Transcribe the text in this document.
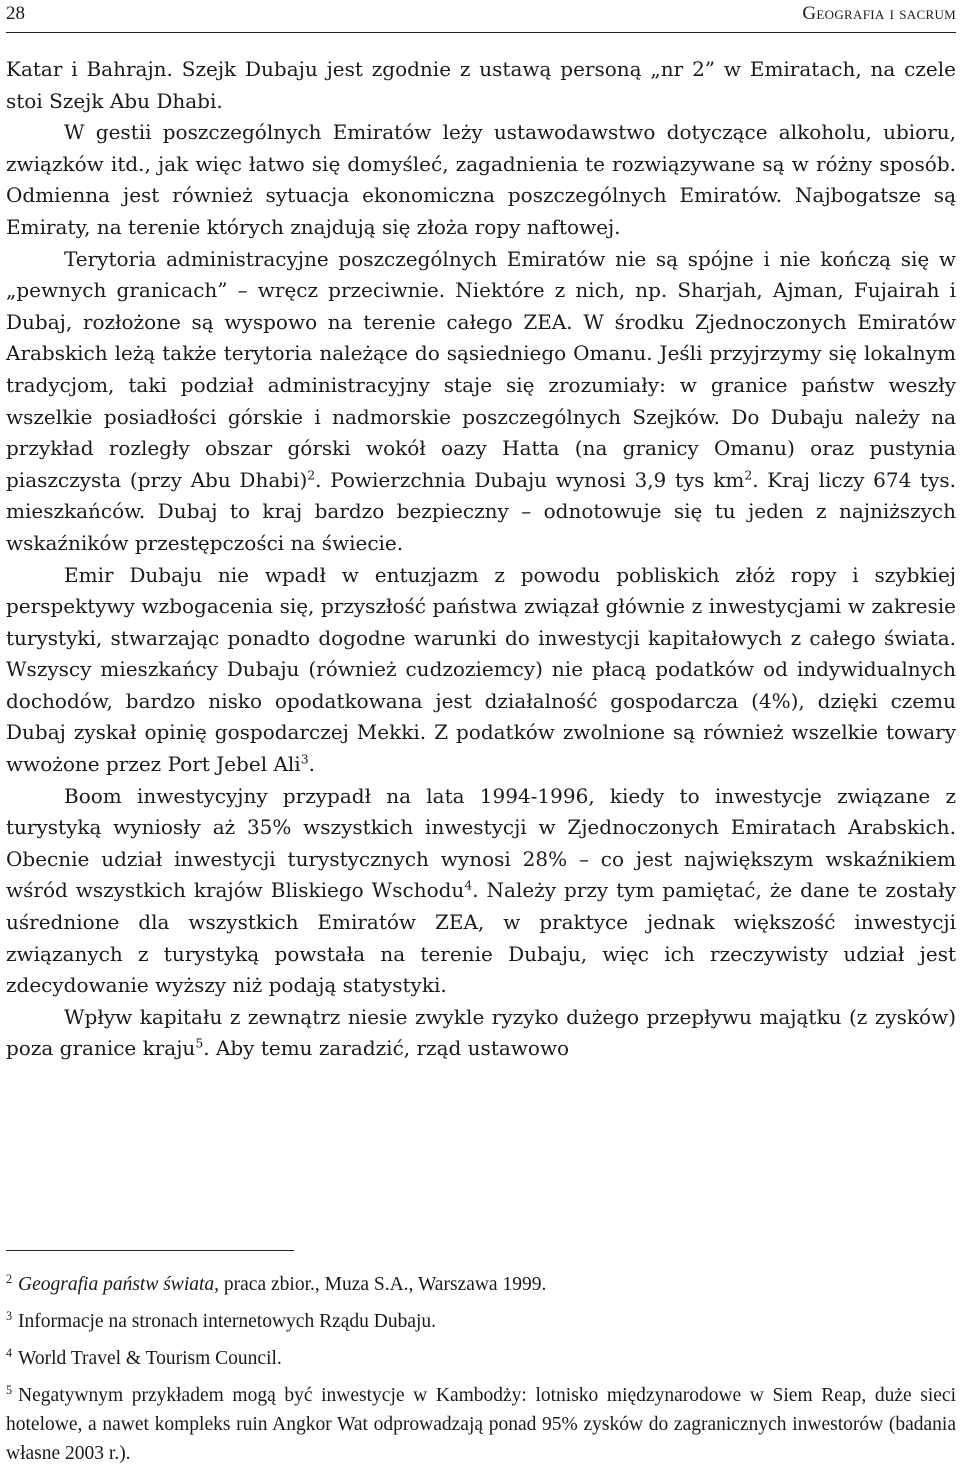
28	Geografia i sacrum

Katar i Bahrajn. Szejk Dubaju jest zgodnie z ustawą personą „nr 2” w Emiratach, na czele stoi Szejk Abu Dhabi.

W gestii poszczególnych Emiratów leży ustawodawstwo dotyczące alkoholu, ubioru, związków itd., jak więc łatwo się domyśleć, zagadnienia te rozwiązywane są w różny sposób. Odmienna jest również sytuacja ekonomiczna poszczególnych Emiratów. Najbogatsze są Emiraty, na terenie których znajdują się złoża ropy naftowej.

Terytoria administracyjne poszczególnych Emiratów nie są spójne i nie kończą się w „pewnych granicach” – wręcz przeciwnie. Niektóre z nich, np. Sharjah, Ajman, Fujairah i Dubaj, rozłożone są wyspowo na terenie całego ZEA. W środku Zjednoczonych Emiratów Arabskich leżą także terytoria należące do sąsiedniego Omanu. Jeśli przyjrzymy się lokalnym tradycjom, taki podział administracyjny staje się zrozumiały: w granice państw weszły wszelkie posiadłości górskie i nadmorskie poszczególnych Szejków. Do Dubaju należy na przykład rozległy obszar górski wokół oazy Hatta (na granicy Omanu) oraz pustynia piaszczysta (przy Abu Dhabi)$^2$. Powierzchnia Dubaju wynosi 3,9 tys $km^2$. Kraj liczy 674 tys. mieszkańców. Dubaj to kraj bardzo bezpieczny – odnotowuje się tu jeden z najniższych wskaźników przestępczości na świecie.

Emir Dubaju nie wpadł w entuzjazm z powodu pobliskich złóż ropy i szybkiej perspektywy wzbogacenia się, przyszłość państwa związał głównie z inwestycjami w zakresie turystyki, stwarzając ponadto dogodne warunki do inwestycji kapitałowych z całego świata. Wszyscy mieszkańcy Dubaju (również cudzoziemcy) nie płacą podatków od indywidualnych dochodów, bardzo nisko opodatkowana jest działalność gospodarcza (4%), dzięki czemu Dubaj zyskał opinię gospodarczej Mekki. Z podatków zwolnione są również wszelkie towary wwożone przez Port Jebel Ali$^3$.

Boom inwestycyjny przypadł na lata 1994-1996, kiedy to inwestycje związane z turystyką wyniosły aż 35% wszystkich inwestycji w Zjednoczonych Emiratach Arabskich. Obecnie udział inwestycji turystycznych wynosi 28% – co jest największym wskaźnikiem wśród wszystkich krajów Bliskiego Wschodu$^4$. Należy przy tym pamiętać, że dane te zostały uśrednione dla wszystkich Emiratów ZEA, w praktyce jednak większość inwestycji związanych z turystyką powstała na terenie Dubaju, więc ich rzeczywisty udział jest zdecydowanie wyższy niż podają statystyki.

Wpływ kapitału z zewnątrz niesie zwykle ryzyko dużego przepływu majątku (z zysków) poza granice kraju$^5$. Aby temu zaradzić, rząd ustawowo

$^2$ Geografia państw świata, praca zbior., Muza S.A., Warszawa 1999.

$^3$ Informacje na stronach internetowych Rządu Dubaju.

$^4$ World Travel & Tourism Council.

$^5$ Negatywnym przykładem mogą być inwestycje w Kambodży: lotnisko międzynarodowe w Siem Reap, duże sieci hotelowe, a nawet kompleks ruin Angkor Wat odprowadzają ponad 95% zysków do zagranicznych inwestorów (badania własne 2003 r.).
